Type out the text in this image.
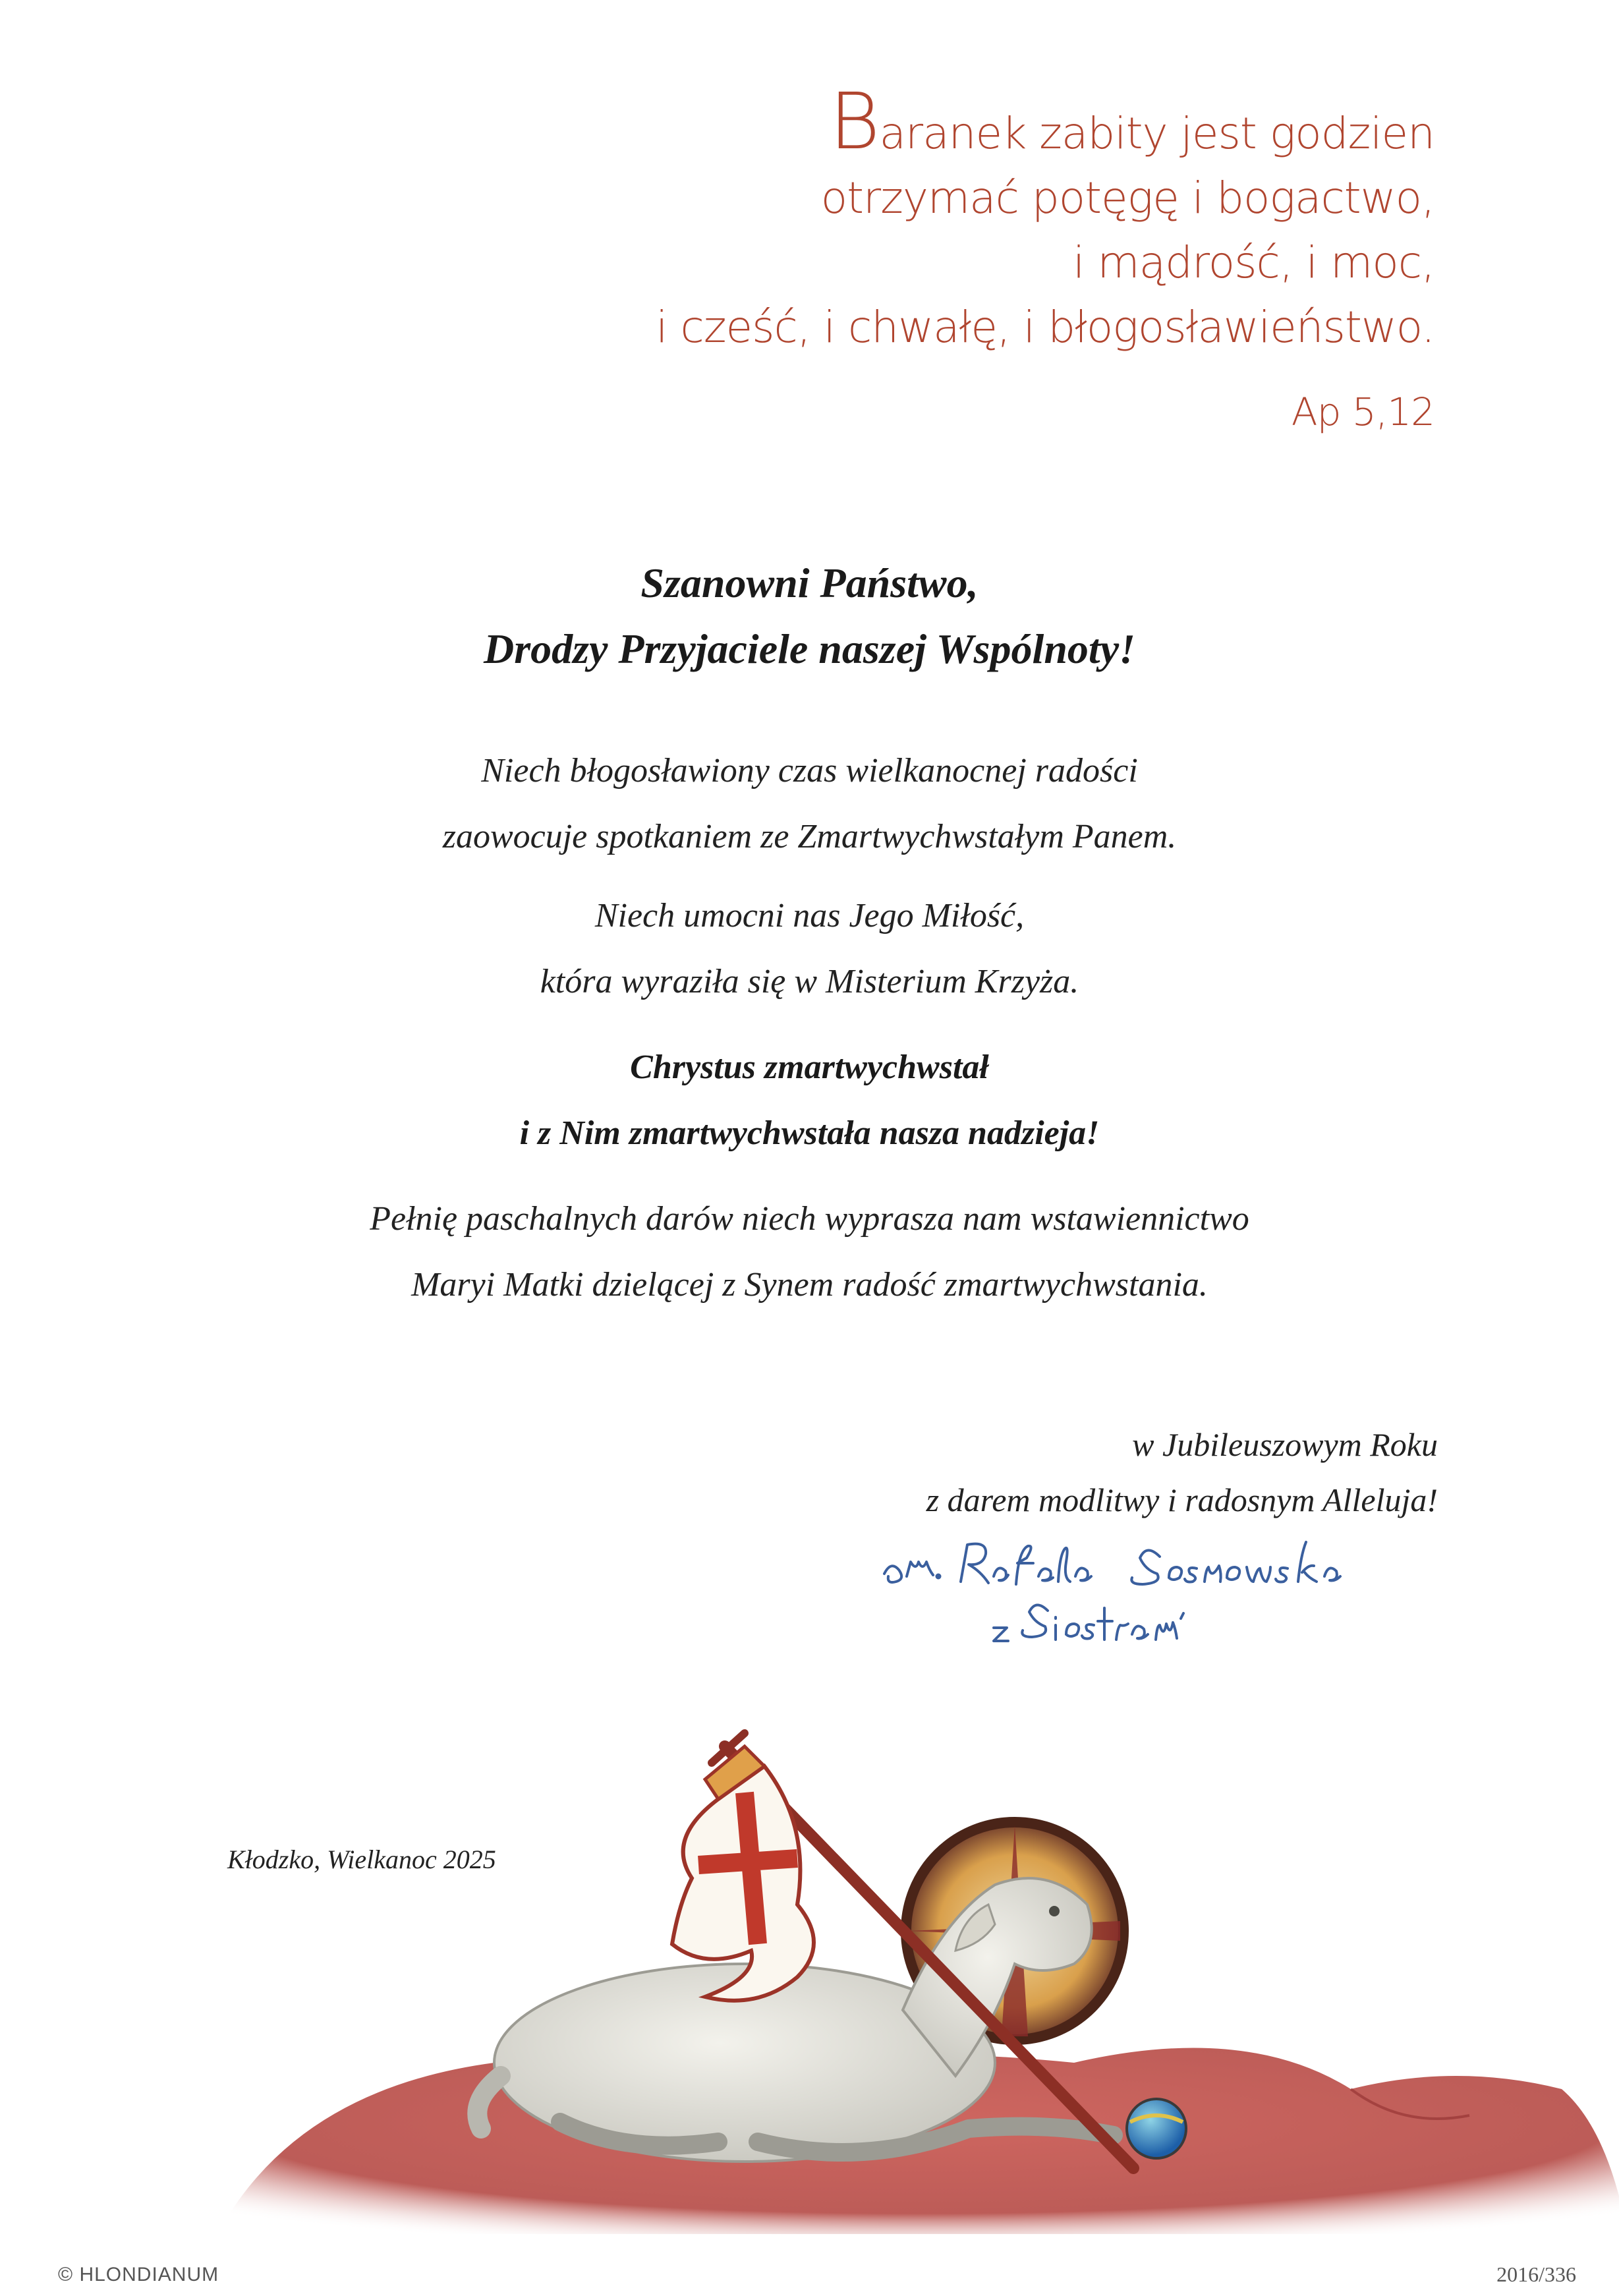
Baranek zabity jest godzien
otrzymać potęgę i bogactwo,
i mądrość, i moc,
i cześć, i chwałę, i błogosławieństwo.
Ap 5,12
Szanowni Państwo,
Drodzy Przyjaciele naszej Wspólnoty!
Niech błogosławiony czas wielkanocnej radości
zaowocuje spotkaniem ze Zmartwychwstałym Panem.
Niech umocni nas Jego Miłość,
która wyraziła się w Misterium Krzyża.
Chrystus zmartwychwstał
i z Nim zmartwychwstała nasza nadzieja!
Pełnię paschalnych darów niech wyprasza nam wstawiennictwo
Maryi Matki dzielącej z Synem radość zmartwychwstania.
w Jubileuszowym Roku
z darem modlitwy i radosnym Alleluja!
Kłodzko, Wielkanoc 2025
© HLONDIANUM	2016/336
